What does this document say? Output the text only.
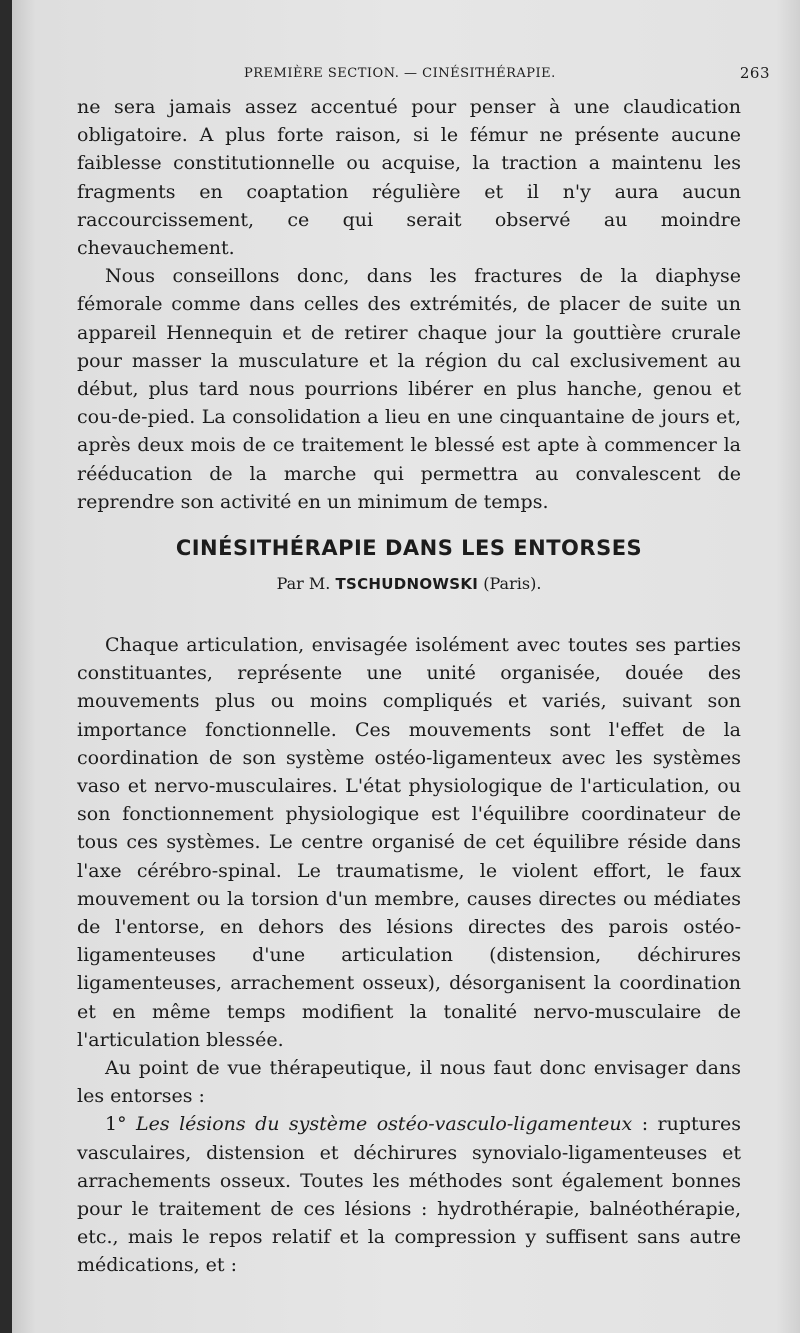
PREMIÈRE SECTION. — CINÉSITHÉRAPIE.	263

ne sera jamais assez accentué pour penser à une claudication obligatoire. A plus forte raison, si le fémur ne présente aucune faiblesse constitutionnelle ou acquise, la traction a maintenu les fragments en coaptation régulière et il n'y aura aucun raccourcissement, ce qui serait observé au moindre chevauchement.

Nous conseillons donc, dans les fractures de la diaphyse fémorale comme dans celles des extrémités, de placer de suite un appareil Hennequin et de retirer chaque jour la gouttière crurale pour masser la musculature et la région du cal exclusivement au début, plus tard nous pourrions libérer en plus hanche, genou et cou-de-pied. La consolidation a lieu en une cinquantaine de jours et, après deux mois de ce traitement le blessé est apte à commencer la rééducation de la marche qui permettra au convalescent de reprendre son activité en un minimum de temps.

CINÉSITHÉRAPIE DANS LES ENTORSES
Par M. TSCHUDNOWSKI (Paris).

Chaque articulation, envisagée isolément avec toutes ses parties constituantes, représente une unité organisée, douée des mouvements plus ou moins compliqués et variés, suivant son importance fonctionnelle. Ces mouvements sont l'effet de la coordination de son système ostéo-ligamenteux avec les systèmes vaso et nervo-musculaires. L'état physiologique de l'articulation, ou son fonctionnement physiologique est l'équilibre coordinateur de tous ces systèmes. Le centre organisé de cet équilibre réside dans l'axe cérébro-spinal. Le traumatisme, le violent effort, le faux mouvement ou la torsion d'un membre, causes directes ou médiates de l'entorse, en dehors des lésions directes des parois ostéo-ligamenteuses d'une articulation (distension, déchirures ligamenteuses, arrachement osseux), désorganisent la coordination et en même temps modifient la tonalité nervo-musculaire de l'articulation blessée.

Au point de vue thérapeutique, il nous faut donc envisager dans les entorses :

1° Les lésions du système ostéo-vasculo-ligamenteux : ruptures vasculaires, distension et déchirures synovialo-ligamenteuses et arrachements osseux. Toutes les méthodes sont également bonnes pour le traitement de ces lésions : hydrothérapie, balnéothérapie, etc., mais le repos relatif et la compression y suffisent sans autre médications, et :
